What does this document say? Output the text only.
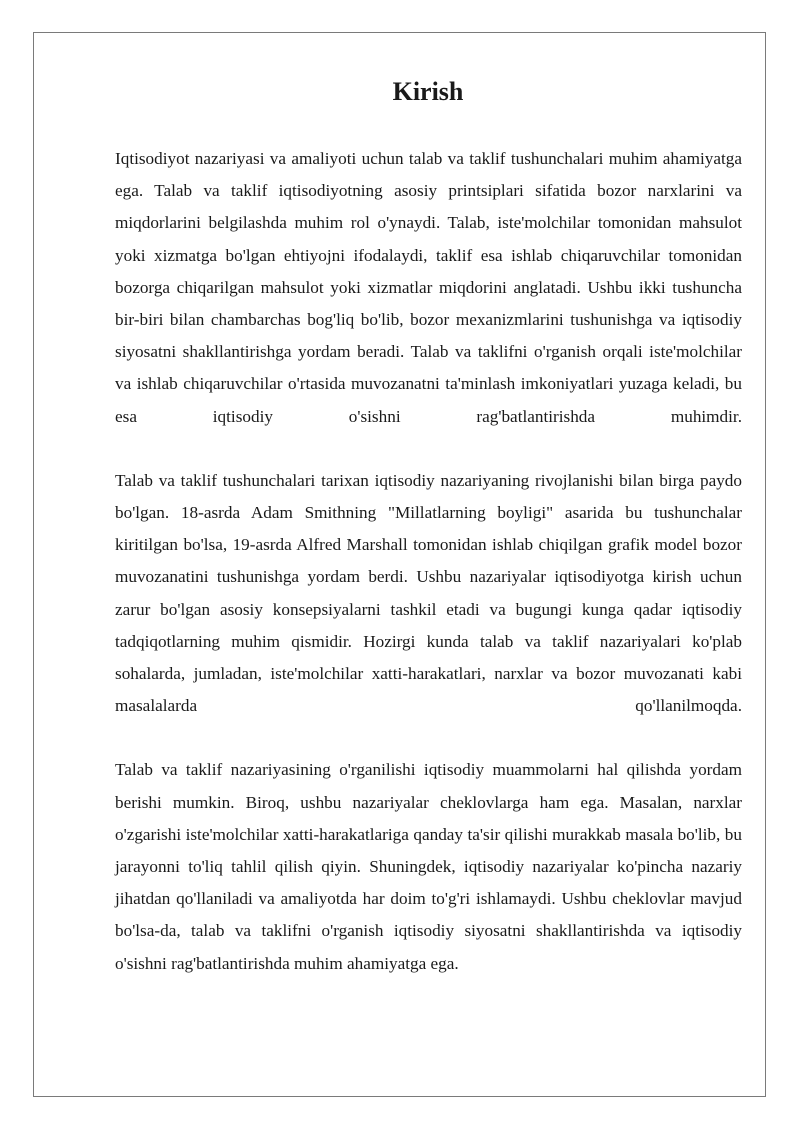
Kirish

Iqtisodiyot nazariyasi va amaliyoti uchun talab va taklif tushunchalari muhim ahamiyatga ega. Talab va taklif iqtisodiyotning asosiy printsiplari sifatida bozor narxlarini va miqdorlarini belgilashda muhim rol o'ynaydi. Talab, iste'molchilar tomonidan mahsulot yoki xizmatga bo'lgan ehtiyojni ifodalaydi, taklif esa ishlab chiqaruvchilar tomonidan bozorga chiqarilgan mahsulot yoki xizmatlar miqdorini anglatadi. Ushbu ikki tushuncha bir-biri bilan chambarchas bog'liq bo'lib, bozor mexanizmlarini tushunishga va iqtisodiy siyosatni shakllantirishga yordam beradi. Talab va taklifni o'rganish orqali iste'molchilar va ishlab chiqaruvchilar o'rtasida muvozanatni ta'minlash imkoniyatlari yuzaga keladi, bu esa iqtisodiy o'sishni rag'batlantirishda muhimdir.

Talab va taklif tushunchalari tarixan iqtisodiy nazariyaning rivojlanishi bilan birga paydo bo'lgan. 18-asrda Adam Smithning "Millatlarning boyligi" asarida bu tushunchalar kiritilgan bo'lsa, 19-asrda Alfred Marshall tomonidan ishlab chiqilgan grafik model bozor muvozanatini tushunishga yordam berdi. Ushbu nazariyalar iqtisodiyotga kirish uchun zarur bo'lgan asosiy konsepsiyalarni tashkil etadi va bugungi kunga qadar iqtisodiy tadqiqotlarning muhim qismidir. Hozirgi kunda talab va taklif nazariyalari ko'plab sohalarda, jumladan, iste'molchilar xatti-harakatlari, narxlar va bozor muvozanati kabi masalalarda qo'llanilmoqda.

Talab va taklif nazariyasining o'rganilishi iqtisodiy muammolarni hal qilishda yordam berishi mumkin. Biroq, ushbu nazariyalar cheklovlarga ham ega. Masalan, narxlar o'zgarishi iste'molchilar xatti-harakatlariga qanday ta'sir qilishi murakkab masala bo'lib, bu jarayonni to'liq tahlil qilish qiyin. Shuningdek, iqtisodiy nazariyalar ko'pincha nazariy jihatdan qo'llaniladi va amaliyotda har doim to'g'ri ishlamaydi. Ushbu cheklovlar mavjud bo'lsa-da, talab va taklifni o'rganish iqtisodiy siyosatni shakllantirishda va iqtisodiy o'sishni rag'batlantirishda muhim ahamiyatga ega.
